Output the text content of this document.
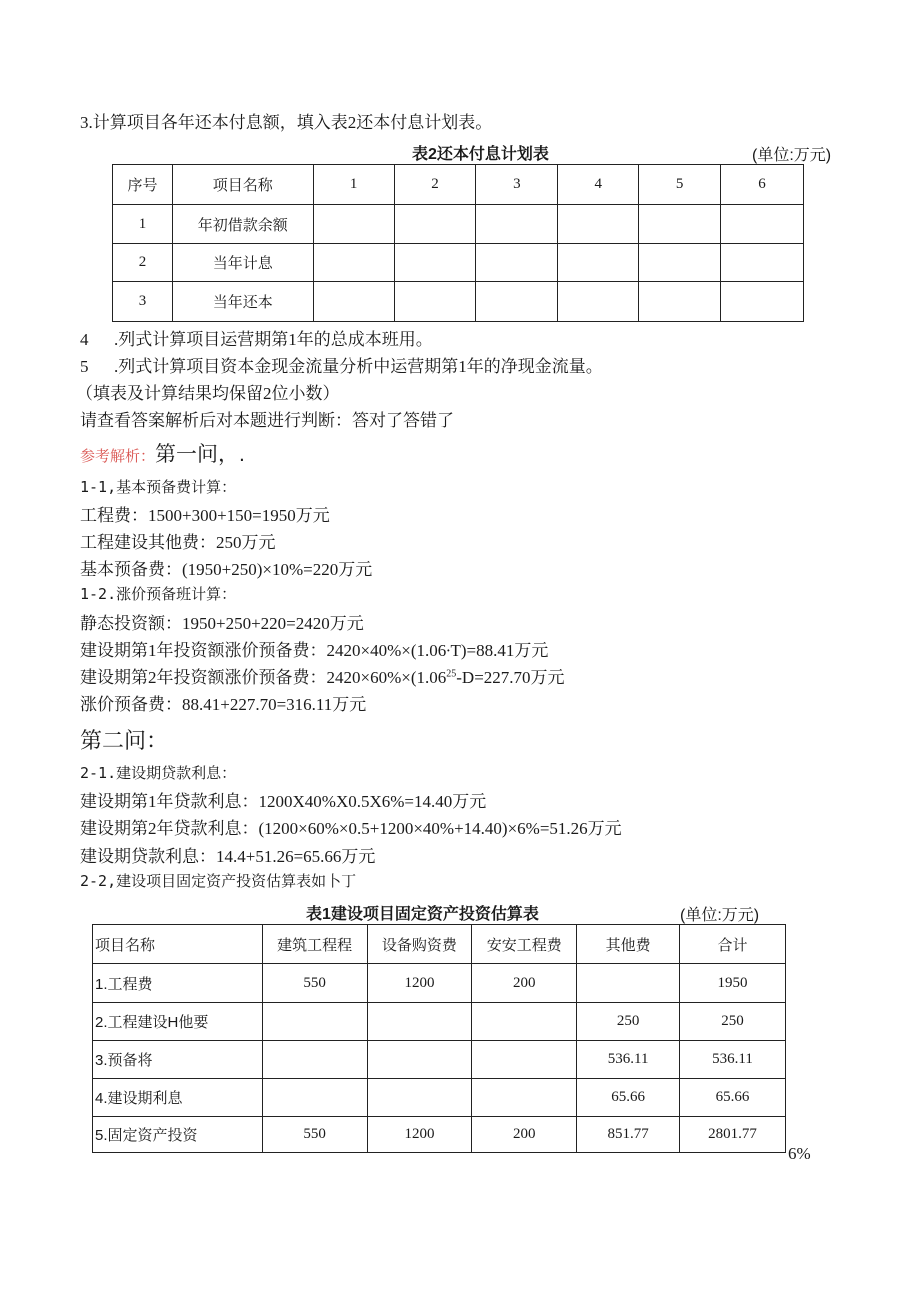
3.计算项目各年还本付息额，填入表2还本付息计划表。
表2还本付息计划表	(单位:万元)
序号	项目名称	1	2	3	4	5	6
1	年初借款余额						
2	当年计息						
3	当年还本						
4	.列式计算项目运营期第1年的总成本班用。
5	.列式计算项目资本金现金流量分析中运营期第1年的净现金流量。
（填表及计算结果均保留2位小数）
请查看答案解析后对本题进行判断：答对了答错了
参考解析：第一问，.
1-1,基本预备费计算：
工程费：1500+300+150=1950万元
工程建设其他费：250万元
基本预备费：(1950+250)×10%=220万元
1-2.涨价预备班计算：
静态投资额：1950+250+220=2420万元
建设期第1年投资额涨价预备费：2420×40%×(1.06∙T)=88.41万元
建设期第2年投资额涨价预备费：$2420\times 60\%\times(1.06^{25}-D=227.70$万元
涨价预备费：88.41+227.70=316.11万元
第二问：
2-1.建设期贷款利息：
建设期第1年贷款利息：1200X40%X0.5X6%=14.40万元
建设期第2年贷款利息：(1200×60%×0.5+1200×40%+14.40)×6%=51.26万元
建设期贷款利息：14.4+51.26=65.66万元
2-2,建设项目固定资产投资估算表如卜丁
表1建设项目固定资产投资估算表	(单位:万元)
项目名称	建筑工程程	设备购资费	安安工程费	其他费	合计
1.工程费	550	1200	200		1950
2.工程建设H他要				250	250
3.预备将				536.11	536.11
4.建设期利息				65.66	65.66
5.固定资产投资	550	1200	200	851.77	2801.77
6%
